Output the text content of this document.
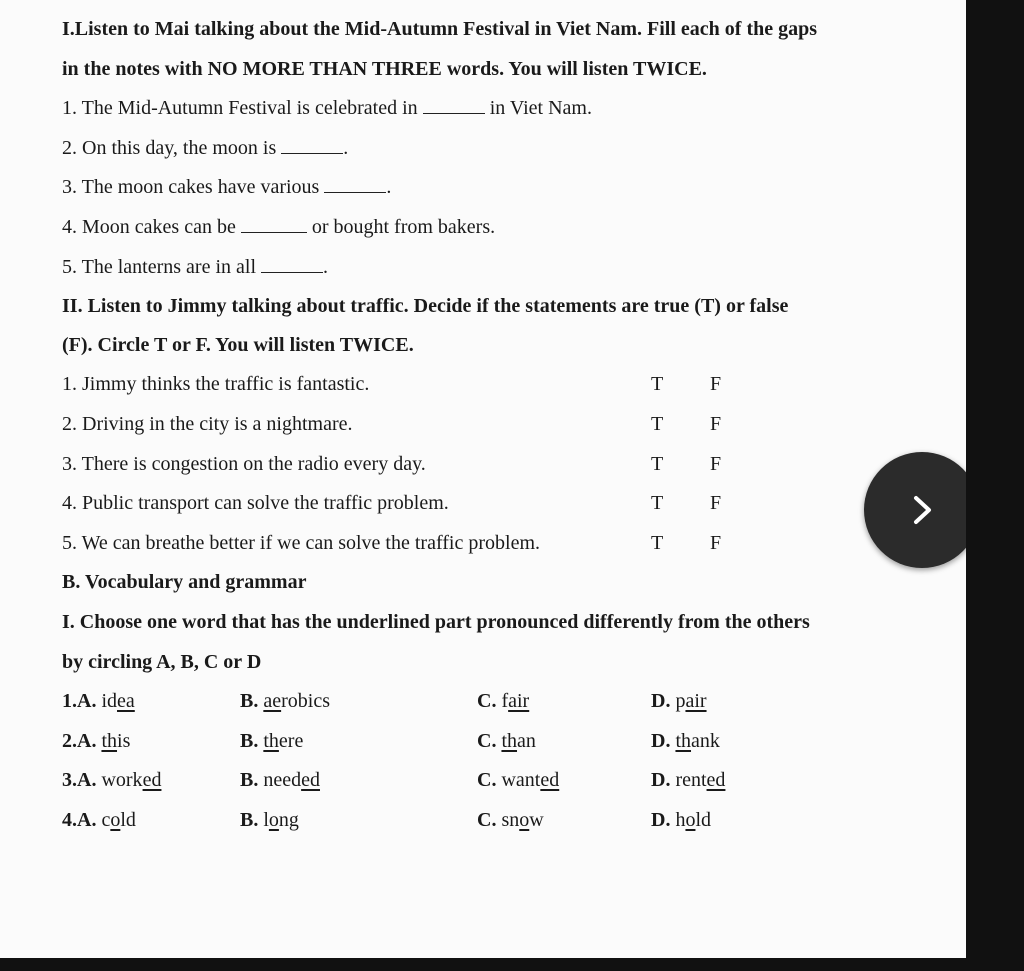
I.Listen to Mai talking about the Mid-Autumn Festival in Viet Nam. Fill each of the gaps
in the notes with NO MORE THAN THREE words. You will listen TWICE.
1. The Mid-Autumn Festival is celebrated in	in Viet Nam.
2. On this day, the moon is	.
3. The moon cakes have various	.
4. Moon cakes can be	or bought from bakers.
5. The lanterns are in all	.
II. Listen to Jimmy talking about traffic. Decide if the statements are true (T) or false
(F). Circle T or F. You will listen TWICE.
1. Jimmy thinks the traffic is fantastic.	T F
2. Driving in the city is a nightmare.	T F
3. There is congestion on the radio every day.	T F
4. Public transport can solve the traffic problem.	T F
5. We can breathe better if we can solve the traffic problem.	T F
B. Vocabulary and grammar
I. Choose one word that has the underlined part pronounced differently from the others
by circling A, B, C or D
1.A. idea	B. aerobics	C. fair	D. pair
2.A. this	B. there	C. than	D. thank
3.A. worked	B. needed	C. wanted	D. rented
4.A. cold	B. long	C. snow	D. hold
